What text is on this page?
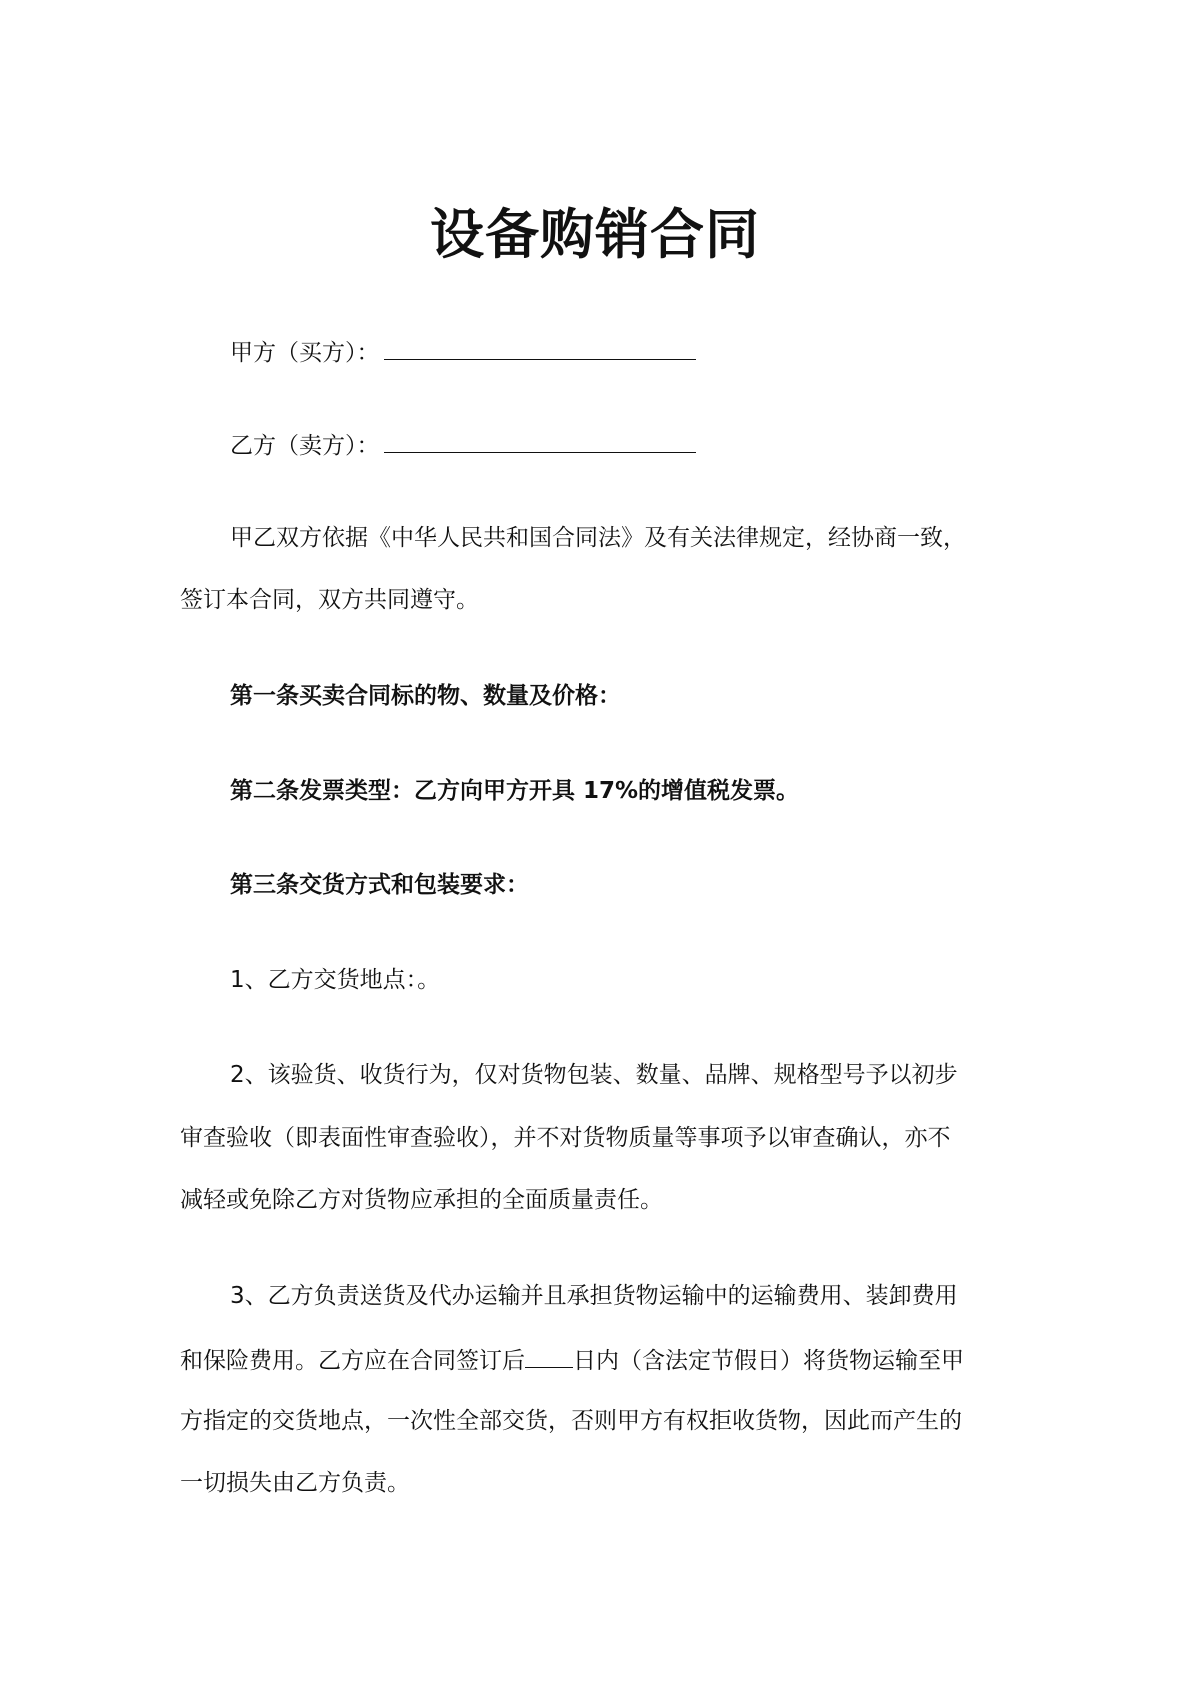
设备购销合同
甲方（买方）：
乙方（卖方）：
甲乙双方依据《中华人民共和国合同法》及有关法律规定，经协商一致，
签订本合同，双方共同遵守。
第一条买卖合同标的物、数量及价格：
第二条发票类型：乙方向甲方开具 17%的增值税发票。
第三条交货方式和包装要求：
1、乙方交货地点：。
2、该验货、收货行为，仅对货物包装、数量、品牌、规格型号予以初步
审查验收（即表面性审查验收），并不对货物质量等事项予以审查确认，亦不
减轻或免除乙方对货物应承担的全面质量责任。
3、乙方负责送货及代办运输并且承担货物运输中的运输费用、装卸费用
和保险费用。乙方应在合同签订后 日内（含法定节假日）将货物运输至甲
方指定的交货地点，一次性全部交货，否则甲方有权拒收货物，因此而产生的
一切损失由乙方负责。
